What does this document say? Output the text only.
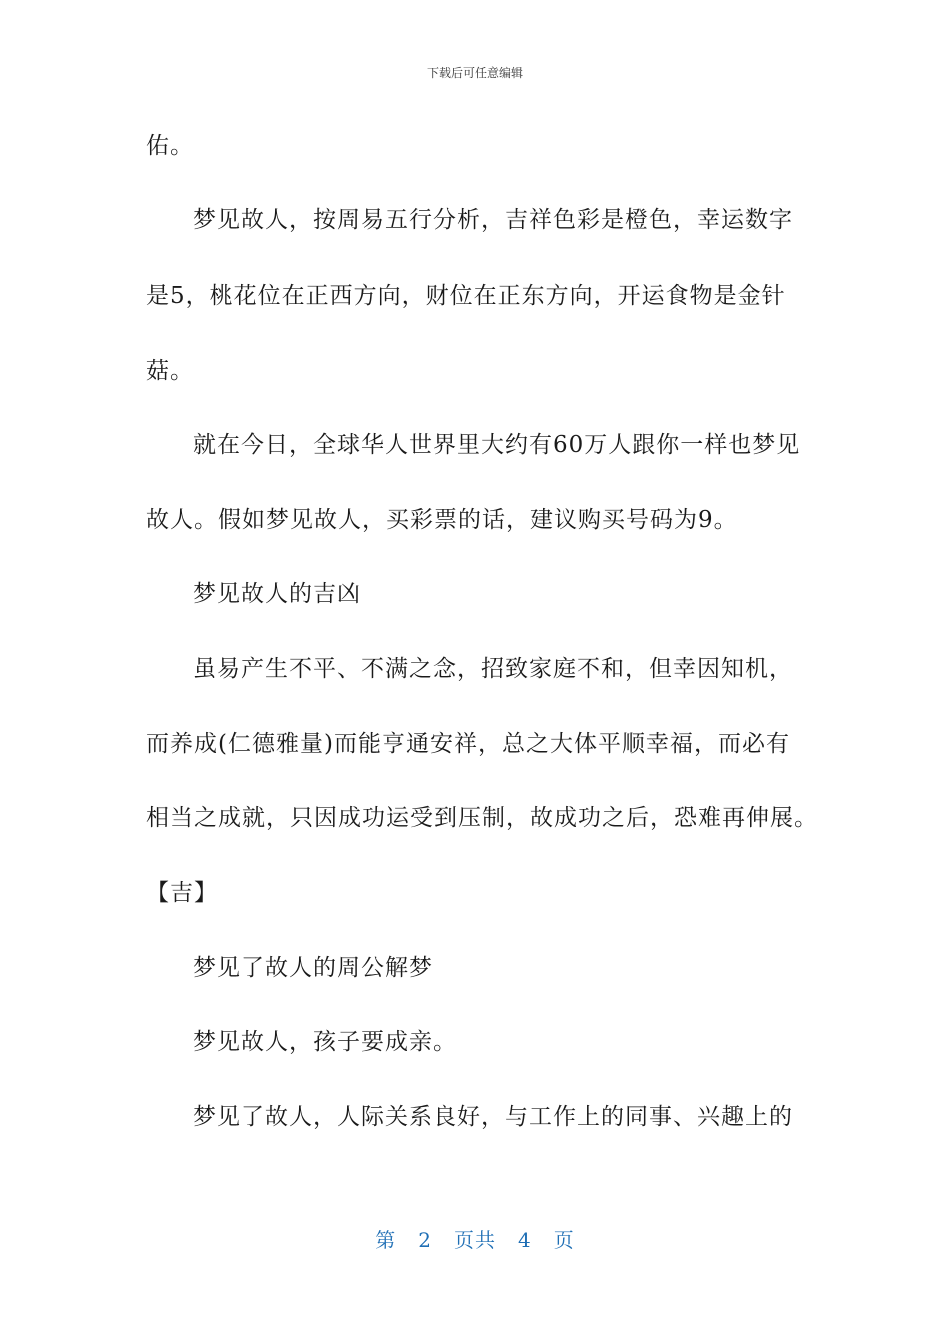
下载后可任意编辑
佑。
梦见故人，按周易五行分析，吉祥色彩是橙色，幸运数字
是5，桃花位在正西方向，财位在正东方向，开运食物是金针
菇。
就在今日，全球华人世界里大约有60万人跟你一样也梦见
故人。假如梦见故人，买彩票的话，建议购买号码为9。
梦见故人的吉凶
虽易产生不平、不满之念，招致家庭不和，但幸因知机，
而养成(仁德雅量)而能亨通安祥，总之大体平顺幸福，而必有
相当之成就，只因成功运受到压制，故成功之后，恐难再伸展。
【吉】
梦见了故人的周公解梦
梦见故人，孩子要成亲。
梦见了故人，人际关系良好，与工作上的同事、兴趣上的
第 2 页共 4 页
